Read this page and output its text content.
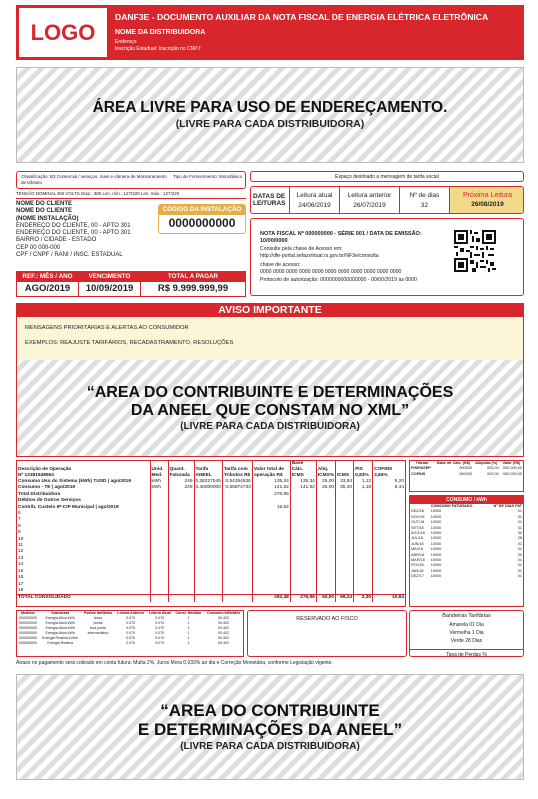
LOGO
DANF3E - DOCUMENTO AUXILIAR DA NOTA FISCAL DE ENERGIA ELÉTRICA ELETRÔNICA
NOME DA DISTRIBUIDORA
Endereço
Inscrição Estadual: Inscrição no CNPJ:
ÁREA LIVRE PARA USO DE ENDEREÇAMENTO.
(LIVRE PARA CADA DISTRIBUIDORA)
Classificação: B3 Comercial / serviços, mais e câmera de Monitoramento de trânsito
Tipo de Fornecimento: Monofásico
TENSÃO NOMINAL EM VOLTS Disp.: 380 Lim. mín.: 127/220 Lim. máx.: 127/220
Espaço destinado a mensagem de tarifa social
DATAS DE LEITURAS
Leitura atual
24/06/2019
Leitura anterior
26/07/2019
Nº de dias
32
Próxima Leitura
26/08/2019
NOME DO CLIENTE
NOME DO CLIENTE
(NOME INSTALAÇÃO)
ENDEREÇO DO CLIENTE, 00 - APTO 301
ENDEREÇO DO CLIENTE, 00 - APTO 301
BAIRRO / CIDADE - ESTADO
CEP 00 000-000
CPF / CNPF / RANI / INSC. ESTADUAL
CÓDIGO DA INSTALAÇÃO
0000000000
NOTA FISCAL Nº 000000000 - SÉRIE 001 / DATA DE EMISSÃO: 10/00/0000
Consulte pela chave de Acesso em:
http://dfe-portal.sefazvirtual.rs.gov.br/NF3e/consulta
chave de acesso:
0000 0000 0000 0000 0000 0000 0000 0000 0000 0000 0000
Protocolo de autorização: 0000000000000000 - 00/00/2019 às 0000
REF.: MÊS / ANO
AGO/2019
VENCIMENTO
10/09/2019
TOTAL A PAGAR
R$ 9.999.999,99
AVISO IMPORTANTE
MENSAGENS PRIORITÁRIAS E ALERTAS AO CONSUMIDOR
EXEMPLOS: REAJUSTE TARIFÁRIOS, RECADASTRAMENTO, RESOLUÇÕES
“AREA DO CONTRIBUINTE E DETERMINAÇÕES
DA ANEEL QUE CONSTAM NO XML”
(LIVRE PARA CADA DISTRIBUIDORA)
Descrição de Operação
Nº 12381948564	Unid. Med.	Quant. Faturada	Tarifa ANEEL	Tarifa com Tributos R$	Valor total de operação R$	Base Cálc. ICMS	Alíq. ICMS%	ICMS	PIS 0,83%	COFINS 3,84%
Consumo Uso do Sistema (kWh) TUSD | ago/2019	kWh	249	0,38227545	0,54354536	135,34	135,34	25,00	33,84	1,12	5,20
Consumo - TE | ago/2019	kWh	249	0,40000000	0,56874733	141,62	141,62	25,00	35,40	1,18	5,44
Total Distribuidora					276,96					
Débitos de Outros Serviços										
Contrib. Custeio IP-CIP Municipal | ago/2019					15,52					
6										
7										
8										
9										
10										
11										
12										
13										
14										
15										
16										
17										
18										
TOTAL CONSOLIDADO					292,48	276,96	50,00	69,24	2,30	10,64
Tributo	Base de Cálc. (R$)	Alíquota (%)	Valor (R$)
PIS/PASEP	000000	000,00	000.000,00
COFINS	000000	000,00	000.000,00
CONSUMO / kWh
	CONSUMO FATURADO	Nº DE DIAS FAT
DEZ/18	10000	01
NOV/18	10000	01
OUT/18	10000	01
SET/18	10000	01
AGO/18	10000	30
JUL/18	10000	28
JUN/18	10000	01
MAI/18	10000	01
ABR/18	10000	30
MAR/18	10000	01
FEV/18	10000	01
JAN/18	10000	01
DEZ/17	10000	01
Medidor	Grandezas	Postos tarifários	Leitura Anterior	Leitura Atual	Const. Medidor	Consumo kWh/Mês
000000000	Energia Ativa kWh	único	0.070	0.070	1	00.402
000000000	Energia Ativa kWh	ponta	0.070	0.070	1	00.402
000000000	Energia Ativa kWh	fora ponta	0.070	0.070	1	00.402
000000000	Energia Ativa kWh	intermediário	0.070	0.070	1	00.402
000000000	Energia Reativa kVArh		0.070	0.070	1	00.402
000000000	Energia Reativa		0.070	0.070	1	00.402
RESERVADO AO FISCO	Bandeiras Tarifárias
Amarela 01 Dia
Vermelha 1 Dia
Verde 28 Dias
Taxa de Perdas %
Atraso no pagamento será cobrado em conta futura: Multa 2%, Juros Mora 0,033% ao dia e Correção Monetária, conforme Legislação vigente.
“AREA DO CONTRIBUINTE
E DETERMINAÇÕES DA ANEEL”
(LIVRE PARA CADA DISTRIBUIDORA)
